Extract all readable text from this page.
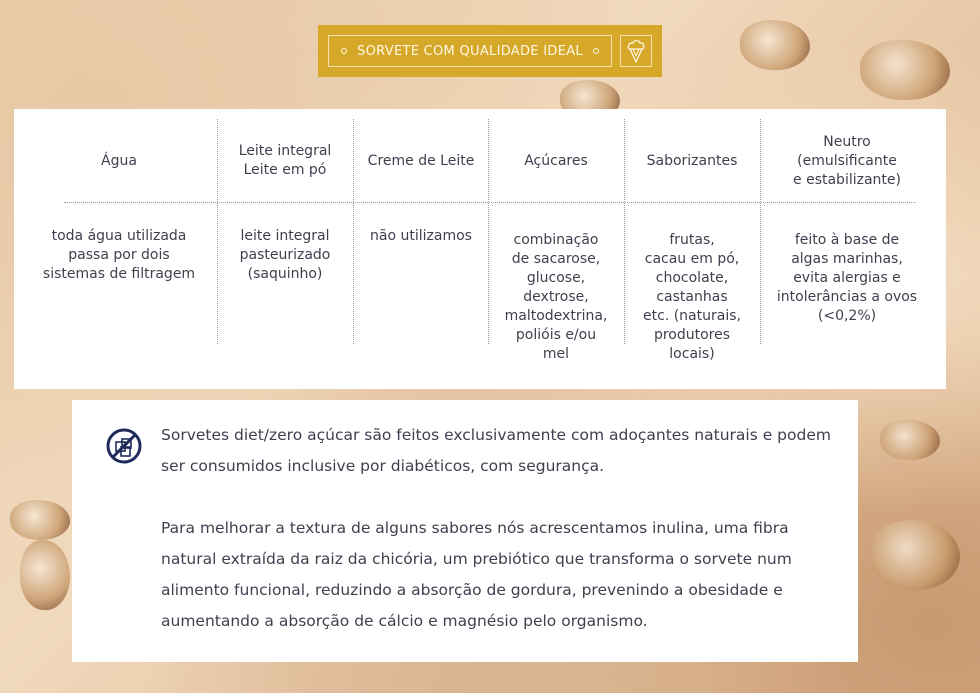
SORVETE COM QUALIDADE IDEAL
Água
toda água utilizada
passa por dois
sistemas de filtragem
Leite integral
Leite em pó
leite integral
pasteurizado
(saquinho)
Creme de Leite
não utilizamos
Açúcares
combinação
de sacarose,
glucose,
dextrose,
maltodextrina,
polióis e/ou
mel
Saborizantes
frutas,
cacau em pó,
chocolate,
castanhas
etc. (naturais,
produtores
locais)
Neutro
(emulsificante
e estabilizante)
feito à base de
algas marinhas,
evita alergias e
intolerâncias a ovos
(<0,2%)

Sorvetes diet/zero açúcar são feitos exclusivamente com adoçantes naturais e podem ser consumidos inclusive por diabéticos, com segurança.

Para melhorar a textura de alguns sabores nós acrescentamos inulina, uma fibra natural extraída da raiz da chicória, um prebiótico que transforma o sorvete num alimento funcional, reduzindo a absorção de gordura, prevenindo a obesidade e aumentando a absorção de cálcio e magnésio pelo organismo.
